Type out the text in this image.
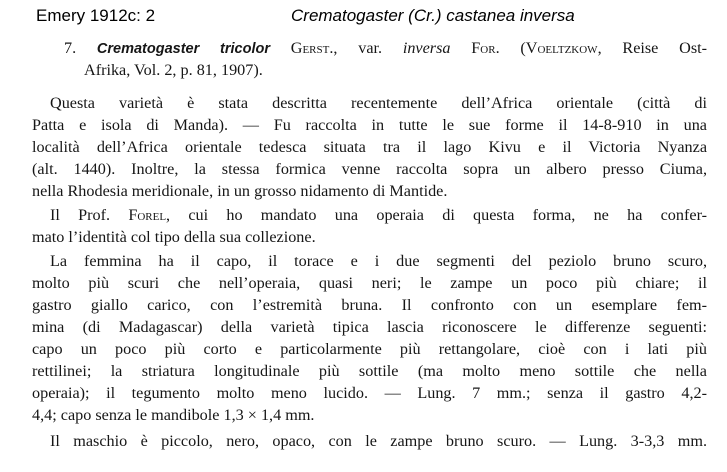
Emery 1912c: 2	Crematogaster (Cr.) castanea inversa
7. Crematogaster tricolor Gerst., var. inversa For. (Voeltzkow, Reise Ost-
Afrika, Vol. 2, p. 81, 1907).
Questa varietà è stata descritta recentemente dell’Africa orientale (città di
Patta e isola di Manda). — Fu raccolta in tutte le sue forme il 14-8-910 in una
località dell’Africa orientale tedesca situata tra il lago Kivu e il Victoria Nyanza
(alt. 1440). Inoltre, la stessa formica venne raccolta sopra un albero presso Ciuma,
nella Rhodesia meridionale, in un grosso nidamento di Mantide.
Il Prof. Forel, cui ho mandato una operaia di questa forma, ne ha confer-
mato l’identità col tipo della sua collezione.
La femmina ha il capo, il torace e i due segmenti del peziolo bruno scuro,
molto più scuri che nell’operaia, quasi neri; le zampe un poco più chiare; il
gastro giallo carico, con l’estremità bruna. Il confronto con un esemplare fem-
mina (di Madagascar) della varietà tipica lascia riconoscere le differenze seguenti:
capo un poco più corto e particolarmente più rettangolare, cioè con i lati più
rettilinei; la striatura longitudinale più sottile (ma molto meno sottile che nella
operaia); il tegumento molto meno lucido. — Lung. 7 mm.; senza il gastro 4,2-
4,4; capo senza le mandibole 1,3 × 1,4 mm.
Il maschio è piccolo, nero, opaco, con le zampe bruno scuro. — Lung. 3-3,3 mm.
